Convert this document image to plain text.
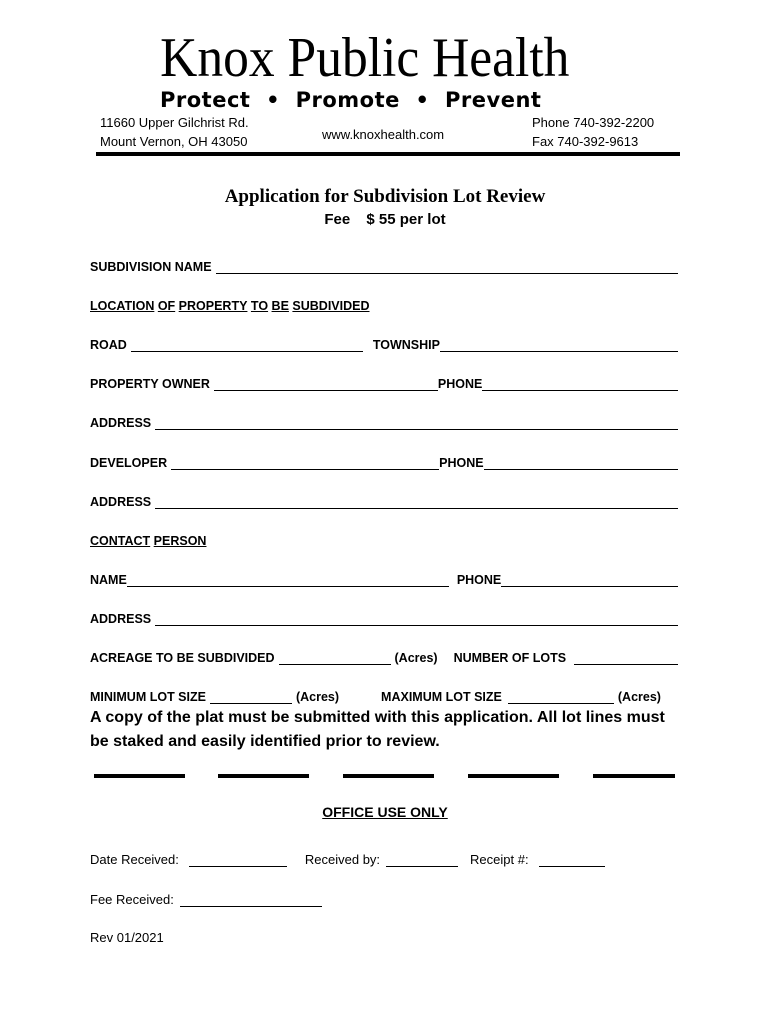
Knox Public Health
Protect  •  Promote  •  Prevent
11660 Upper Gilchrist Rd.
Mount Vernon, OH 43050	www.knoxhealth.com
Phone 740-392-2200
Fax 740-392-9613
Application for Subdivision Lot Review
Fee $ 55 per lot
SUBDIVISION NAME
LOCATION
OF
PROPERTY
TO
BE
SUBDIVIDED
ROAD	TOWNSHIP
PROPERTY OWNER	PHONE
ADDRESS
DEVELOPER	PHONE
ADDRESS
CONTACT
PERSON
NAME	PHONE
ADDRESS
ACREAGE TO BE SUBDIVIDED	(Acres) NUMBER OF LOTS
MINIMUM LOT SIZE	(Acres)	MAXIMUM LOT SIZE	(Acres)
A copy of the plat must be submitted with this application. All lot lines must be staked and easily identified prior to review.
OFFICE USE ONLY
Date Received:	Received by:	Receipt #:
Fee Received:
Rev 01/2021
